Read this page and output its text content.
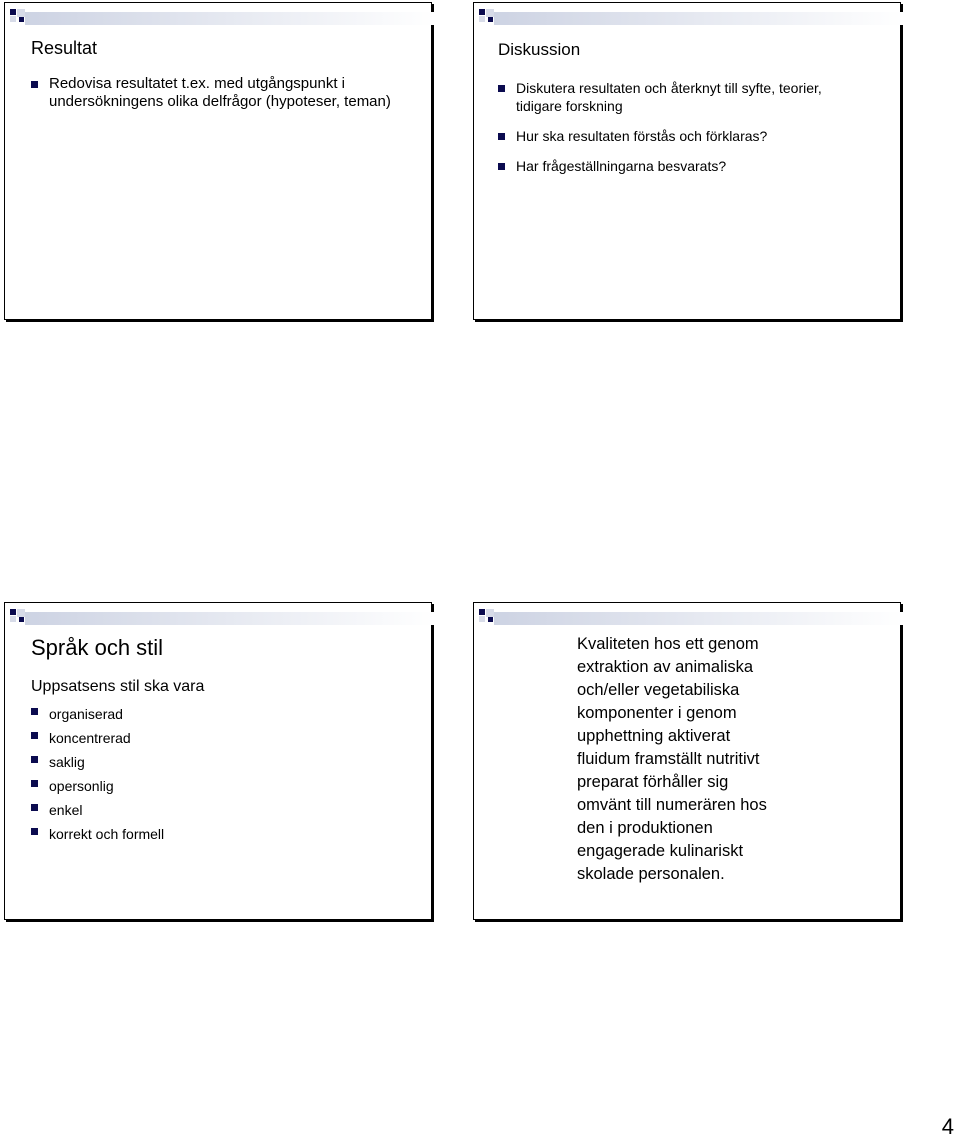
Resultat
Redovisa resultatet t.ex. med utgångspunkt i undersökningens olika delfrågor (hypoteser, teman)
Diskussion
Diskutera resultaten och återknyt till syfte, teorier, tidigare forskning
Hur ska resultaten förstås och förklaras?
Har frågeställningarna besvarats?
Språk och stil
Uppsatsens stil ska vara
organiserad
koncentrerad
saklig
opersonlig
enkel
korrekt och formell
Kvaliteten hos ett genom extraktion av animaliska och/eller vegetabiliska komponenter i genom upphettning aktiverat fluidum framställt nutritivt preparat förhåller sig omvänt till numerären hos den i produktionen engagerade kulinariskt skolade personalen.
4
